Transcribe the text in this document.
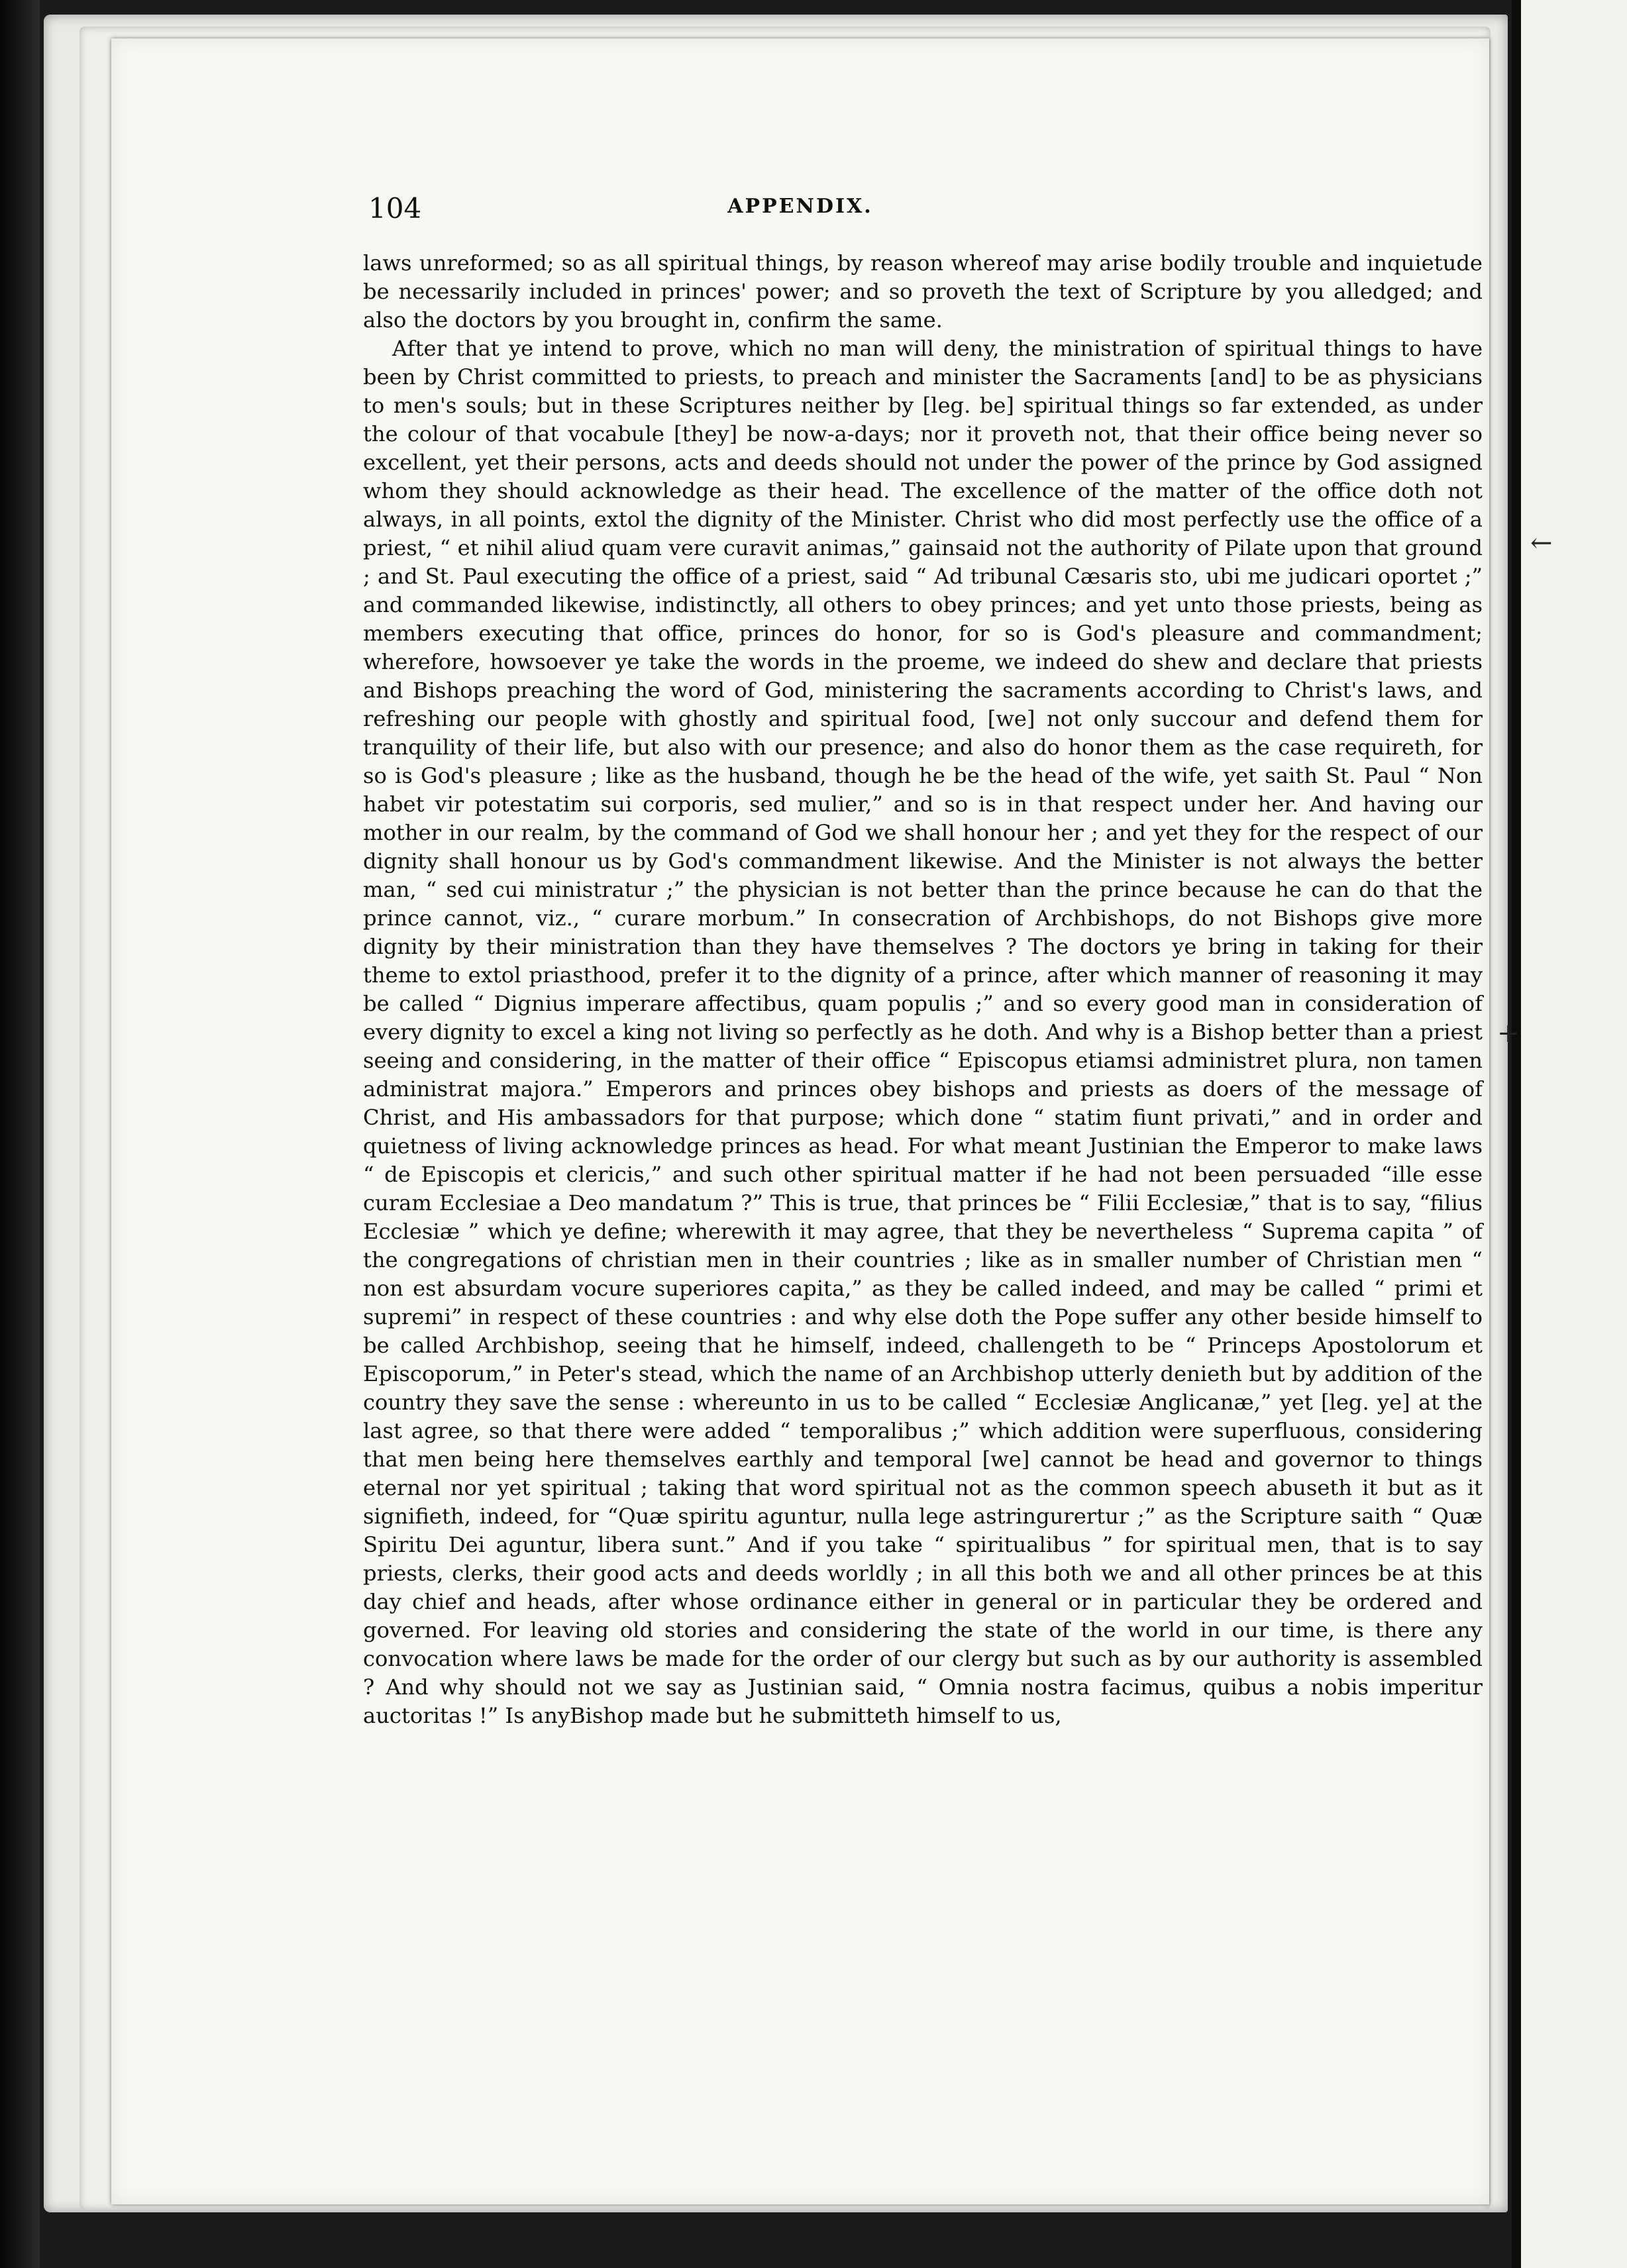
←
+
104	APPENDIX.

laws unreformed; so as all spiritual things, by reason whereof may arise bodily trouble and inquietude be necessarily included in princes' power; and so proveth the text of Scripture by you alledged; and also the doctors by you brought in, confirm the same.

After that ye intend to prove, which no man will deny, the ministration of spiritual things to have been by Christ committed to priests, to preach and minister the Sacraments [and] to be as physicians to men's souls; but in these Scriptures neither by [leg. be] spiritual things so far extended, as under the colour of that vocabule [they] be now-a-days; nor it proveth not, that their office being never so excellent, yet their persons, acts and deeds should not under the power of the prince by God assigned whom they should acknowledge as their head. The excellence of the matter of the office doth not always, in all points, extol the dignity of the Minister. Christ who did most perfectly use the office of a priest, “ et nihil aliud quam vere curavit animas,” gainsaid not the authority of Pilate upon that ground ; and St. Paul executing the office of a priest, said “ Ad tribunal Cæsaris sto, ubi me judicari oportet ;” and commanded likewise, indistinctly, all others to obey princes; and yet unto those priests, being as members executing that office, princes do honor, for so is God's pleasure and commandment; wherefore, howsoever ye take the words in the proeme, we indeed do shew and declare that priests and Bishops preaching the word of God, ministering the sacraments according to Christ's laws, and refreshing our people with ghostly and spiritual food, [we] not only succour and defend them for tranquility of their life, but also with our presence; and also do honor them as the case requireth, for so is God's pleasure ; like as the husband, though he be the head of the wife, yet saith St. Paul “ Non habet vir potestatim sui corporis, sed mulier,” and so is in that respect under her. And having our mother in our realm, by the command of God we shall honour her ; and yet they for the respect of our dignity shall honour us by God's commandment likewise. And the Minister is not always the better man, “ sed cui ministratur ;” the physician is not better than the prince because he can do that the prince cannot, viz., “ curare morbum.” In consecration of Archbishops, do not Bishops give more dignity by their ministration than they have themselves ? The doctors ye bring in taking for their theme to extol priasthood, prefer it to the dignity of a prince, after which manner of reasoning it may be called “ Dignius imperare affectibus, quam populis ;” and so every good man in consideration of every dignity to excel a king not living so perfectly as he doth. And why is a Bishop better than a priest seeing and considering, in the matter of their office “ Episcopus etiamsi administret plura, non tamen administrat majora.” Emperors and princes obey bishops and priests as doers of the message of Christ, and His ambassadors for that purpose; which done “ statim fiunt privati,” and in order and quietness of living acknowledge princes as head. For what meant Justinian the Emperor to make laws “ de Episcopis et clericis,” and such other spiritual matter if he had not been persuaded “ille esse curam Ecclesiae a Deo mandatum ?” This is true, that princes be “ Filii Ecclesiæ,” that is to say, “filius Ecclesiæ ” which ye define; wherewith it may agree, that they be nevertheless “ Suprema capita ” of the congregations of christian men in their countries ; like as in smaller number of Christian men “ non est absurdam vocure superiores capita,” as they be called indeed, and may be called “ primi et supremi” in respect of these countries : and why else doth the Pope suffer any other beside himself to be called Archbishop, seeing that he himself, indeed, challengeth to be “ Princeps Apostolorum et Episcoporum,” in Peter's stead, which the name of an Archbishop utterly denieth but by addition of the country they save the sense : whereunto in us to be called “ Ecclesiæ Anglicanæ,” yet [leg. ye] at the last agree, so that there were added “ temporalibus ;” which addition were superfluous, considering that men being here themselves earthly and temporal [we] cannot be head and governor to things eternal nor yet spiritual ; taking that word spiritual not as the common speech abuseth it but as it signifieth, indeed, for “Quæ spiritu aguntur, nulla lege astringurertur ;” as the Scripture saith “ Quæ Spiritu Dei aguntur, libera sunt.” And if you take “ spiritualibus ” for spiritual men, that is to say priests, clerks, their good acts and deeds worldly ; in all this both we and all other princes be at this day chief and heads, after whose ordinance either in general or in particular they be ordered and governed. For leaving old stories and considering the state of the world in our time, is there any convocation where laws be made for the order of our clergy but such as by our authority is assembled ? And why should not we say as Justinian said, “ Omnia nostra facimus, quibus a nobis imperitur auctoritas !” Is anyBishop made but he submitteth himself to us,
